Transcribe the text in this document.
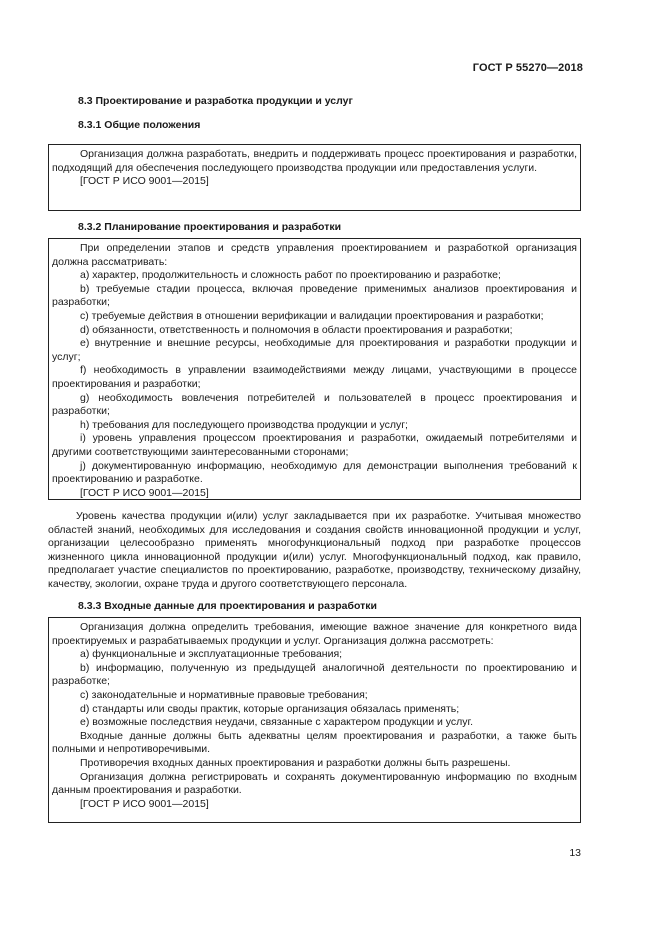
ГОСТ Р 55270—2018
8.3 Проектирование и разработка продукции и услуг
8.3.1 Общие положения

Организация должна разработать, внедрить и поддерживать процесс проектирования и разработки, подходящий для обеспечения последующего производства продукции или предоставления услуги.

[ГОСТ Р ИСО 9001—2015]

8.3.2 Планирование проектирования и разработки

При определении этапов и средств управления проектированием и разработкой организация должна рассматривать:

а) характер, продолжительность и сложность работ по проектированию и разработке;

b) требуемые стадии процесса, включая проведение применимых анализов проектирования и разработки;

c) требуемые действия в отношении верификации и валидации проектирования и разработки;

d) обязанности, ответственность и полномочия в области проектирования и разработки;

e) внутренние и внешние ресурсы, необходимые для проектирования и разработки продукции и услуг;

f) необходимость в управлении взаимодействиями между лицами, участвующими в процессе проектирования и разработки;

g) необходимость вовлечения потребителей и пользователей в процесс проектирования и разработки;

h) требования для последующего производства продукции и услуг;

i) уровень управления процессом проектирования и разработки, ожидаемый потребителями и другими соответствующими заинтересованными сторонами;

j) документированную информацию, необходимую для демонстрации выполнения требований к проектированию и разработке.

[ГОСТ Р ИСО 9001—2015]

Уровень качества продукции и(или) услуг закладывается при их разработке. Учитывая множество областей знаний, необходимых для исследования и создания свойств инновационной продукции и услуг, организации целесообразно применять многофункциональный подход при разработке процессов жизненного цикла инновационной продукции и(или) услуг. Многофункциональный подход, как правило, предполагает участие специалистов по проектированию, разработке, производству, техническому дизайну, качеству, экологии, охране труда и другого соответствующего персонала.

8.3.3 Входные данные для проектирования и разработки

Организация должна определить требования, имеющие важное значение для конкретного вида проектируемых и разрабатываемых продукции и услуг. Организация должна рассмотреть:

а) функциональные и эксплуатационные требования;

b) информацию, полученную из предыдущей аналогичной деятельности по проектированию и разработке;

c) законодательные и нормативные правовые требования;

d) стандарты или своды практик, которые организация обязалась применять;

e) возможные последствия неудачи, связанные с характером продукции и услуг.

Входные данные должны быть адекватны целям проектирования и разработки, а также быть полными и непротиворечивыми.

Противоречия входных данных проектирования и разработки должны быть разрешены.

Организация должна регистрировать и сохранять документированную информацию по входным данным проектирования и разработки.

[ГОСТ Р ИСО 9001—2015]

13
